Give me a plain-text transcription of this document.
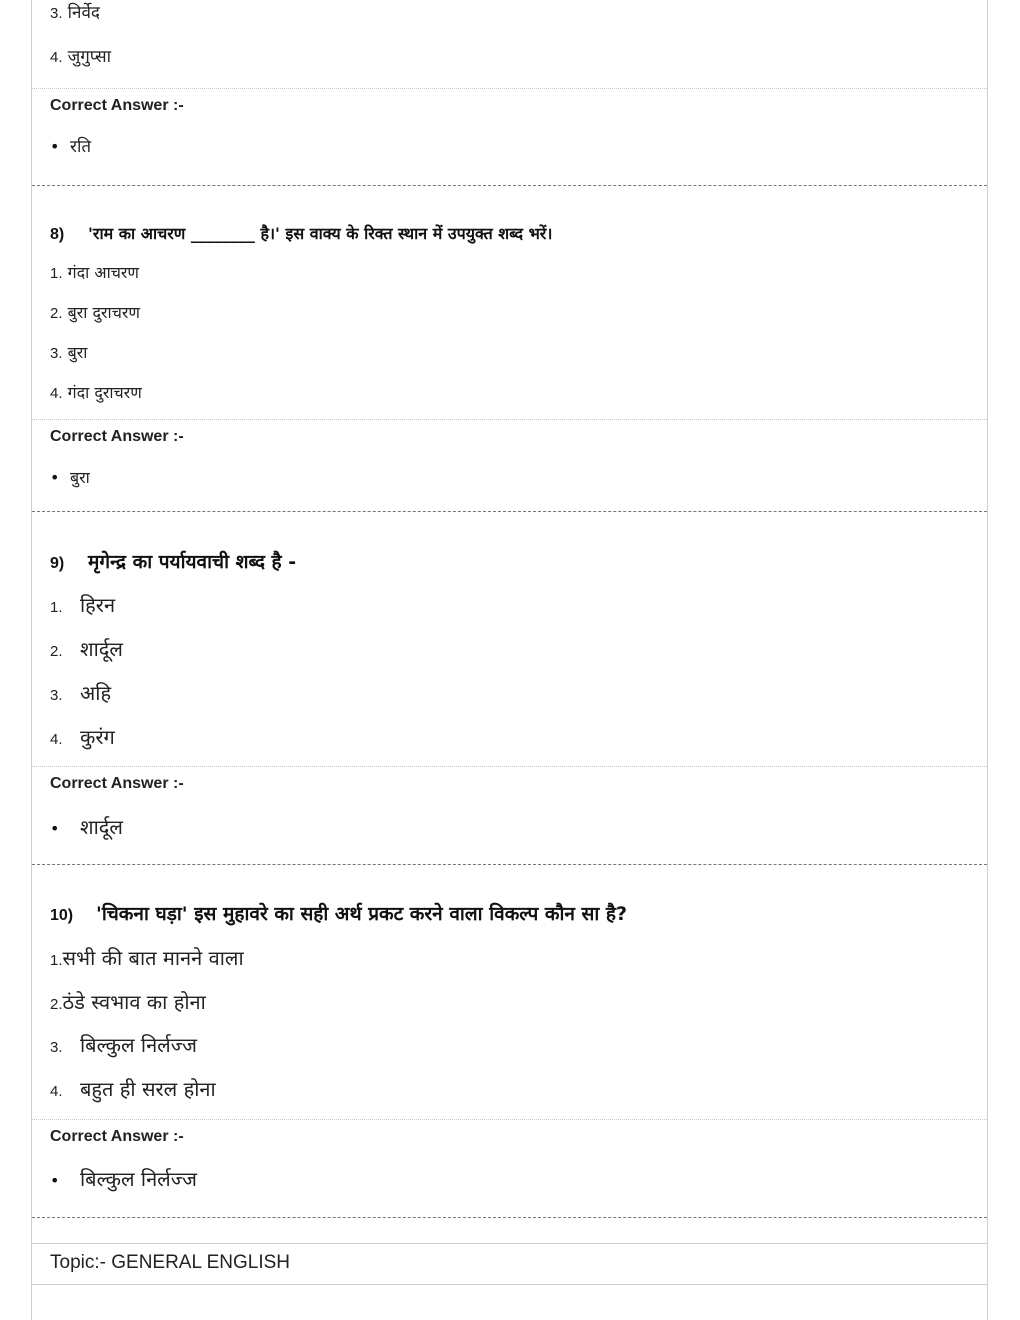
3. निर्वेद
4. जुगुप्सा
Correct Answer :-
• रति
8) 'राम का आचरण ________ है।' इस वाक्य के रिक्त स्थान में उपयुक्त शब्द भरें।
1. गंदा आचरण
2. बुरा दुराचरण
3. बुरा
4. गंदा दुराचरण
Correct Answer :-
• बुरा
9) मृगेन्द्र का पर्यायवाची शब्द है -
1. हिरन
2. शार्दूल
3. अहि
4. कुरंग
Correct Answer :-
• शार्दूल
10) 'चिकना घड़ा' इस मुहावरे का सही अर्थ प्रकट करने वाला विकल्प कौन सा है?
1.सभी की बात मानने वाला
2.ठंडे स्वभाव का होना
3. बिल्कुल निर्लज्ज
4. बहुत ही सरल होना
Correct Answer :-
• बिल्कुल निर्लज्ज
Topic:- GENERAL ENGLISH
